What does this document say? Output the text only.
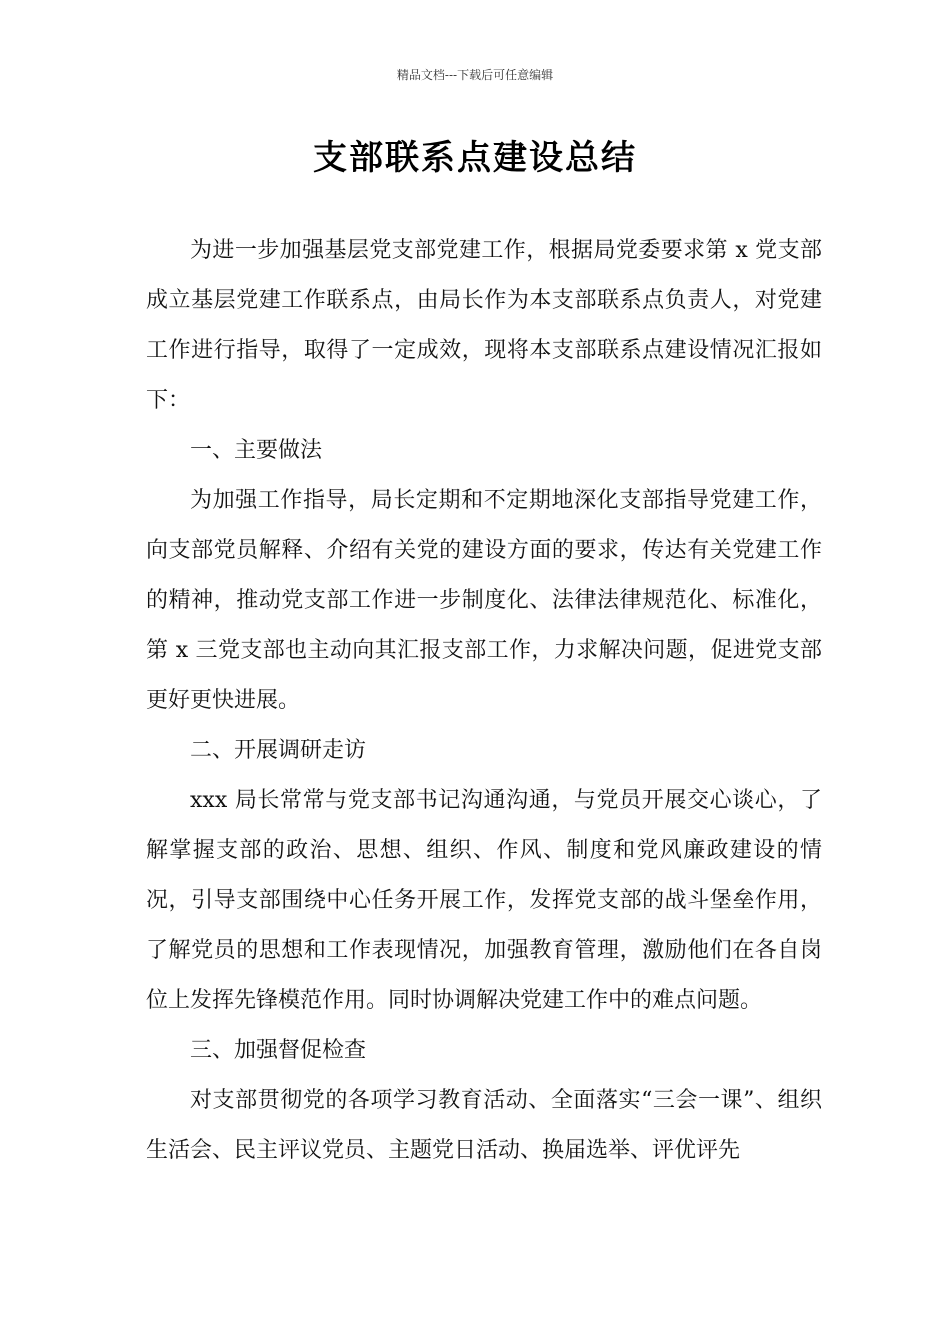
精品文档---下载后可任意编辑
支部联系点建设总结

为进一步加强基层党支部党建工作，根据局党委要求第 x 党支部成立基层党建工作联系点，由局长作为本支部联系点负责人，对党建工作进行指导，取得了一定成效，现将本支部联系点建设情况汇报如下：

一、主要做法

为加强工作指导，局长定期和不定期地深化支部指导党建工作，向支部党员解释、介绍有关党的建设方面的要求，传达有关党建工作的精神，推动党支部工作进一步制度化、法律法律规范化、标准化，第 x 三党支部也主动向其汇报支部工作，力求解决问题，促进党支部更好更快进展。

二、开展调研走访

xxx 局长常常与党支部书记沟通沟通，与党员开展交心谈心，了解掌握支部的政治、思想、组织、作风、制度和党风廉政建设的情况，引导支部围绕中心任务开展工作，发挥党支部的战斗堡垒作用，了解党员的思想和工作表现情况，加强教育管理，激励他们在各自岗位上发挥先锋模范作用。同时协调解决党建工作中的难点问题。

三、加强督促检查

对支部贯彻党的各项学习教育活动、全面落实“三会一课”、组织生活会、民主评议党员、主题党日活动、换届选举、评优评先
